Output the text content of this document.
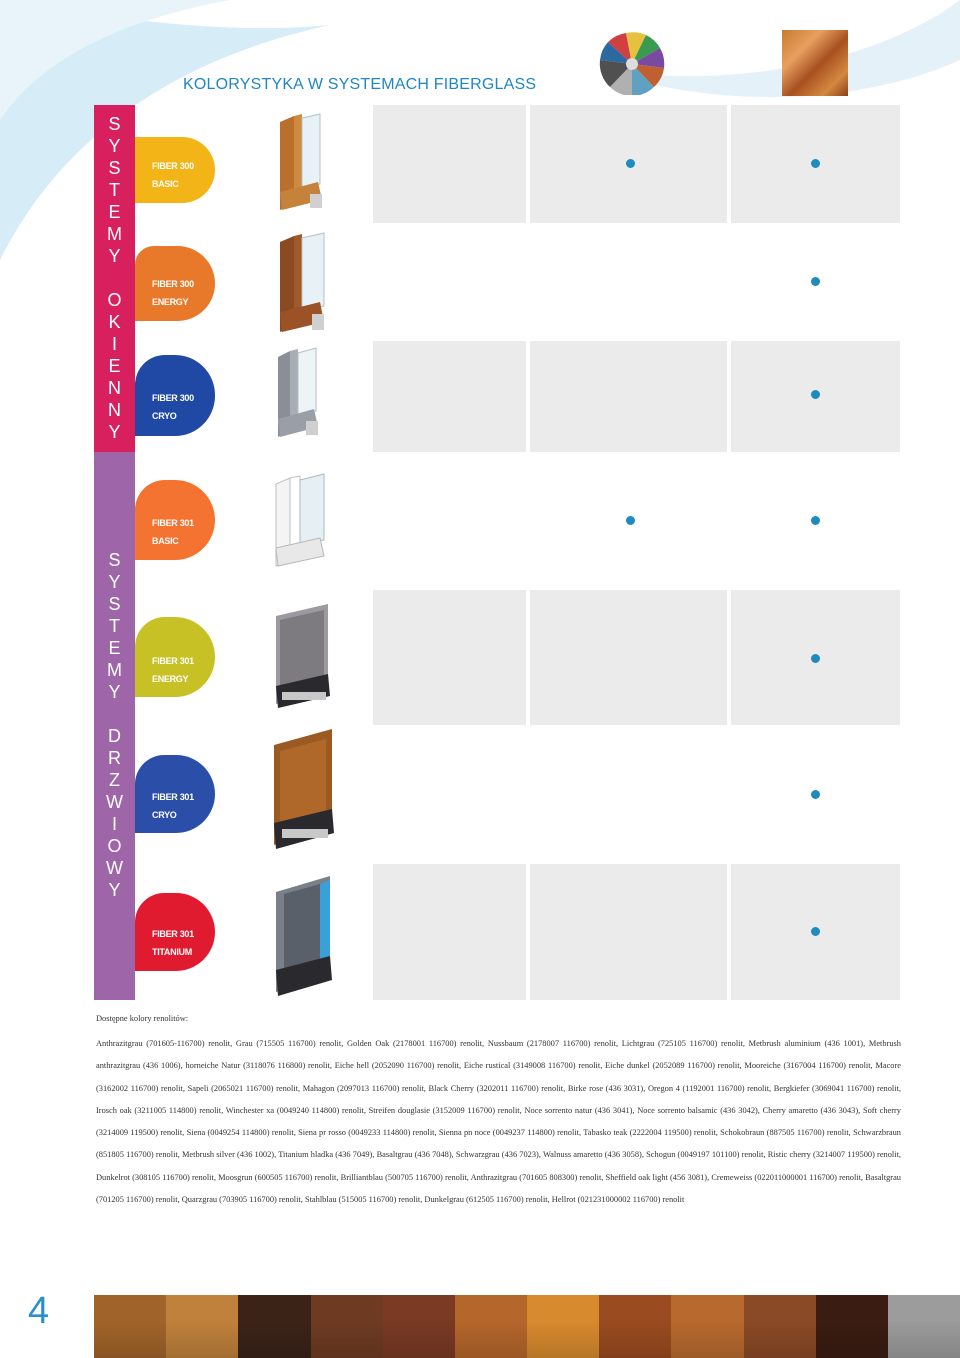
KOLORYSTYKA W SYSTEMACH FIBERGLASS
S
Y
S
T
E
M
Y
O
K
I
E
N
N
Y
S
Y
S
T
E
M
Y
D
R
Z
W
I
O
W
Y
FIBER 300
BASIC
FIBER 300
ENERGY
FIBER 300
CRYO
FIBER 301
BASIC
FIBER 301
ENERGY
FIBER 301
CRYO
FIBER 301
TITANIUM
Dostępne kolory renolitów:
Anthrazitgrau (701605-116700) renolit, Grau (715505 116700) renolit, Golden Oak (2178001 116700) renolit, Nussbaum (2178007 116700) renolit, Lichtgrau (725105 116700) renolit, Metbrush aluminium (436 1001), Metbrush anthrazitgrau (436 1006), horneiche Natur (3118076 116800) renolit, Eiche hell (2052090 116700) renolit, Eiche rustical (3149008 116700) renolit, Eiche dunkel (2052089 116700) renolit, Mooreiche (3167004 116700) renolit, Macore (3162002 116700) renolit, Sapeli (2065021 116700) renolit, Mahagon (2097013 116700) renolit, Black Cherry (3202011 116700) renolit, Birke rose (436 3031), Oregon 4 (1192001 116700) renolit, Bergkiefer (3069041 116700) renolit, Irosch oak (3211005 114800) renolit, Winchester xa (0049240 114800) renolit, Streifen douglasie (3152009 116700) renolit, Noce sorrento natur (436 3041), Noce sorrento balsamic (436 3042), Cherry amaretto (436 3043), Soft cherry (3214009 119500) renolit, Siena (0049254 114800) renolit, Siena pr rosso (0049233 114800) renolit, Sienna pn noce (0049237 114800) renolit, Tabasko teak (2222004 119500) renolit, Schokobraun (887505 116700) renolit, Schwarzbraun (851805 116700) renolit, Metbrush silver (436 1002), Titanium hladka (436 7049), Basaltgrau (436 7048), Schwarzgrau (436 7023), Walnuss amaretto (436 3058), Schogun (0049197 101100) renolit, Ristic cherry (3214007 119500) renolit, Dunkelrot (308105 116700) renolit, Moosgrun (600505 116700) renolit, Brilliantblau (500705 116700) renolit, Anthrazitgrau (701605 808300) renolit, Sheffield oak light (456 3081), Cremeweiss (022011000001 116700) renolit, Basaltgrau (701205 116700) renolit, Quarzgrau (703905 116700) renolit, Stahlblau (515005 116700) renolit, Dunkelgrau (612505 116700) renolit, Hellrot (021231000002 116700) renolit
4
